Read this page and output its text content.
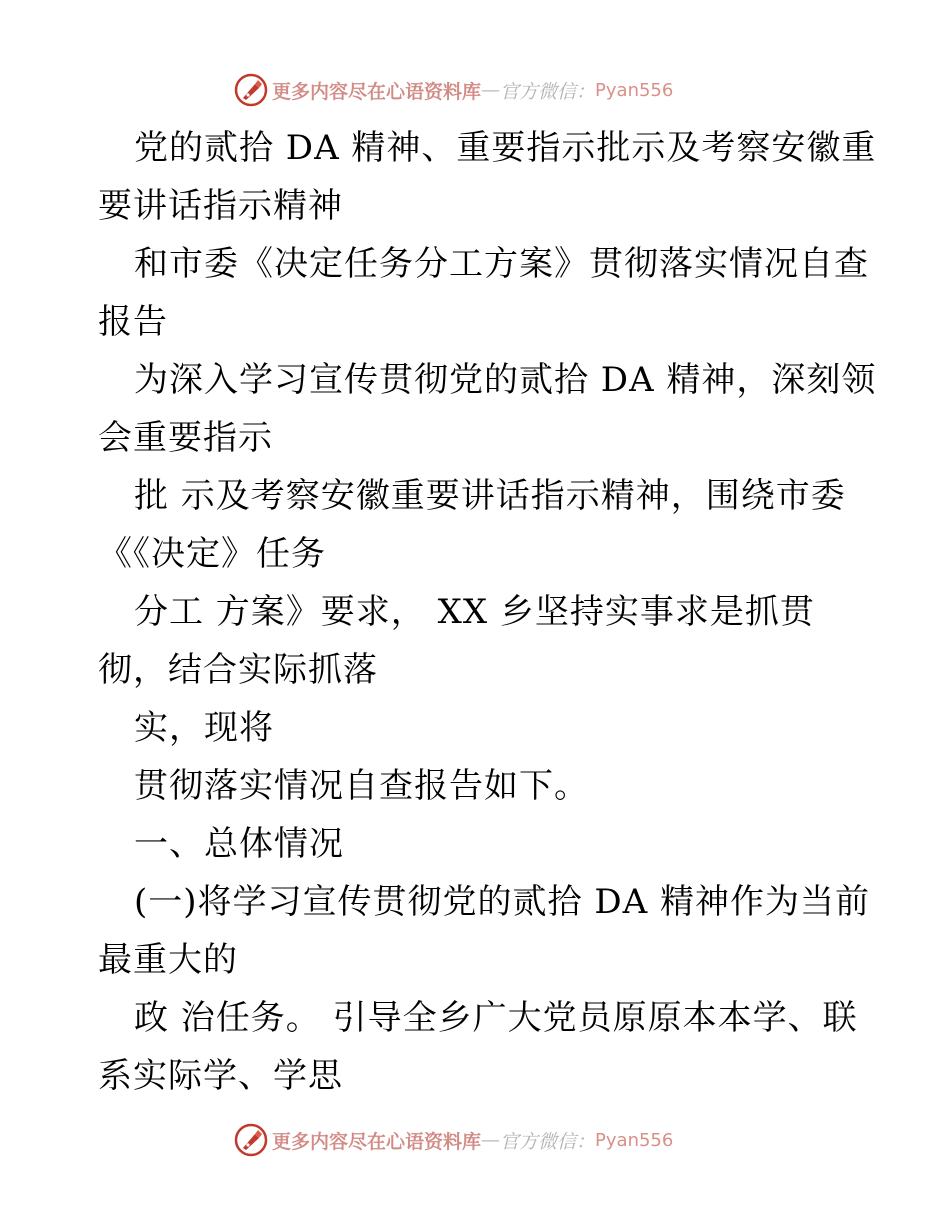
更多内容尽在心语资料库 — 官方微信： Pyan556
党的贰拾 DA 精神、重要指示批示及考察安徽重
要讲话指示精神
和市委《决定任务分工方案》贯彻落实情况自查
报告
为深入学习宣传贯彻党的贰拾 DA 精神，深刻领
会重要指示
批 示及考察安徽重要讲话指示精神，围绕市委
《《决定》任务
分工 方案》要求， XX 乡坚持实事求是抓贯
彻，结合实际抓落
实，现将
贯彻落实情况自查报告如下。
一、总体情况
(一)将学习宣传贯彻党的贰拾 DA 精神作为当前
最重大的
政 治任务。 引导全乡广大党员原原本本学、联
系实际学、学思
更多内容尽在心语资料库 — 官方微信： Pyan556
